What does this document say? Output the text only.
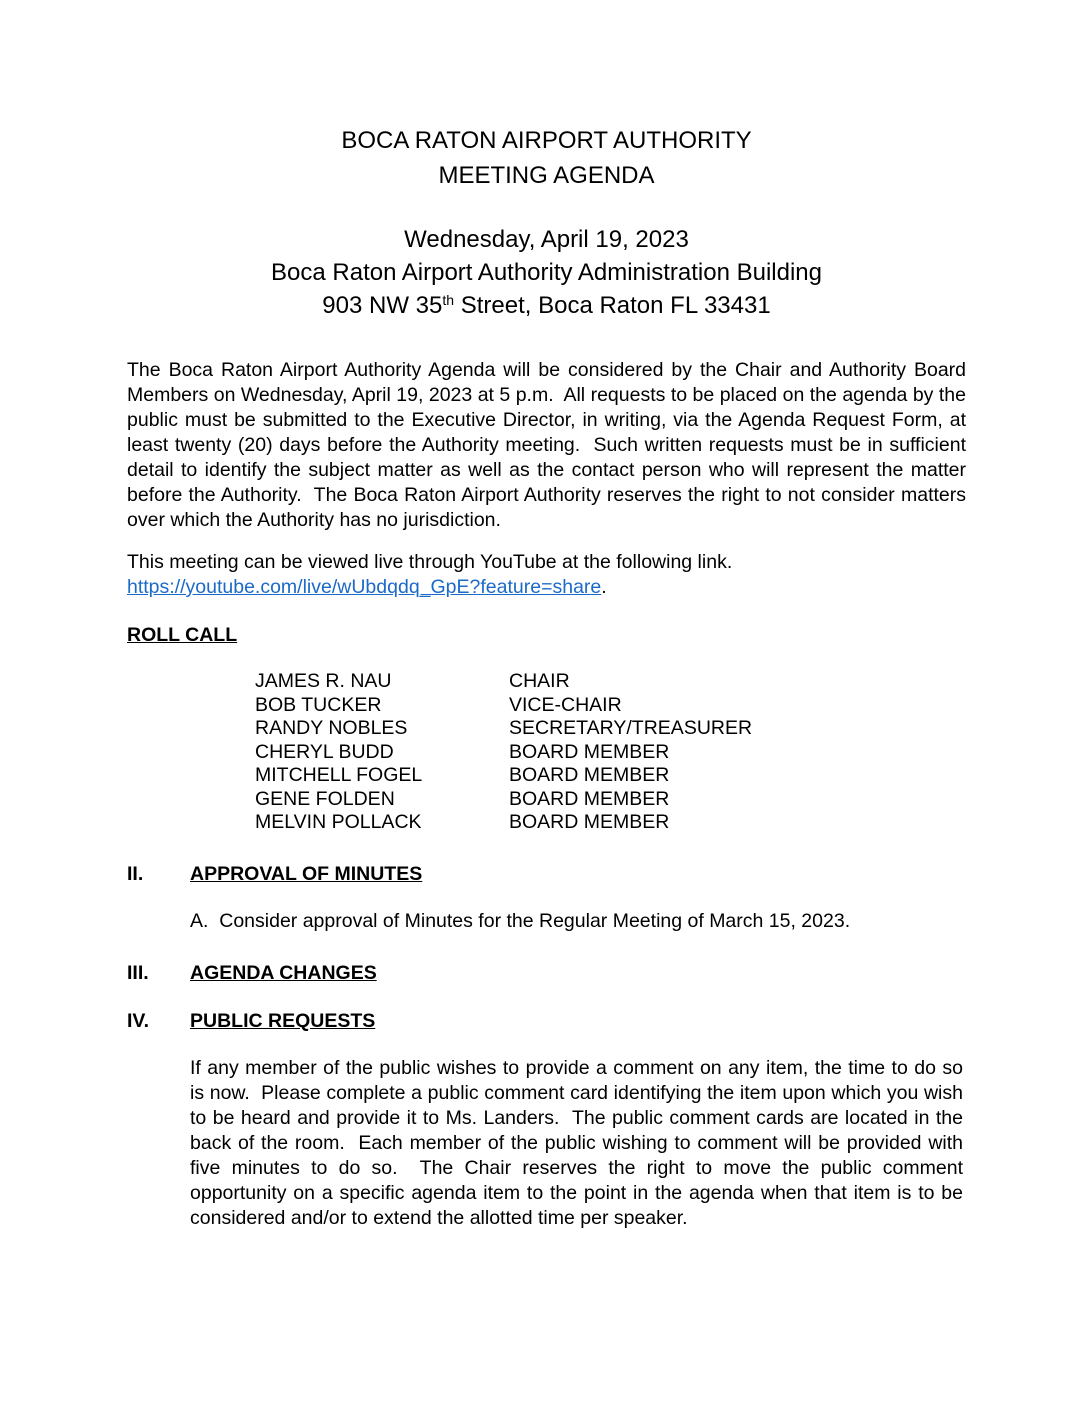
BOCA RATON AIRPORT AUTHORITY
MEETING AGENDA
Wednesday, April 19, 2023
Boca Raton Airport Authority Administration Building
903 NW 35th Street, Boca Raton FL 33431
The Boca Raton Airport Authority Agenda will be considered by the Chair and Authority Board Members on Wednesday, April 19, 2023 at 5 p.m.  All requests to be placed on the agenda by the public must be submitted to the Executive Director, in writing, via the Agenda Request Form, at least twenty (20) days before the Authority meeting.  Such written requests must be in sufficient detail to identify the subject matter as well as the contact person who will represent the matter before the Authority.  The Boca Raton Airport Authority reserves the right to not consider matters over which the Authority has no jurisdiction.
This meeting can be viewed live through YouTube at the following link.
https://youtube.com/live/wUbdqdq_GpE?feature=share.
ROLL CALL
JAMES R. NAU	CHAIR
BOB TUCKER	VICE-CHAIR
RANDY NOBLES	SECRETARY/TREASURER
CHERYL BUDD	BOARD MEMBER
MITCHELL FOGEL	BOARD MEMBER
GENE FOLDEN	BOARD MEMBER
MELVIN POLLACK	BOARD MEMBER
II.	APPROVAL OF MINUTES
A.  Consider approval of Minutes for the Regular Meeting of March 15, 2023.
III.	AGENDA CHANGES
IV.	PUBLIC REQUESTS
If any member of the public wishes to provide a comment on any item, the time to do so is now.  Please complete a public comment card identifying the item upon which you wish to be heard and provide it to Ms. Landers.  The public comment cards are located in the back of the room.  Each member of the public wishing to comment will be provided with five minutes to do so.  The Chair reserves the right to move the public comment opportunity on a specific agenda item to the point in the agenda when that item is to be considered and/or to extend the allotted time per speaker.
